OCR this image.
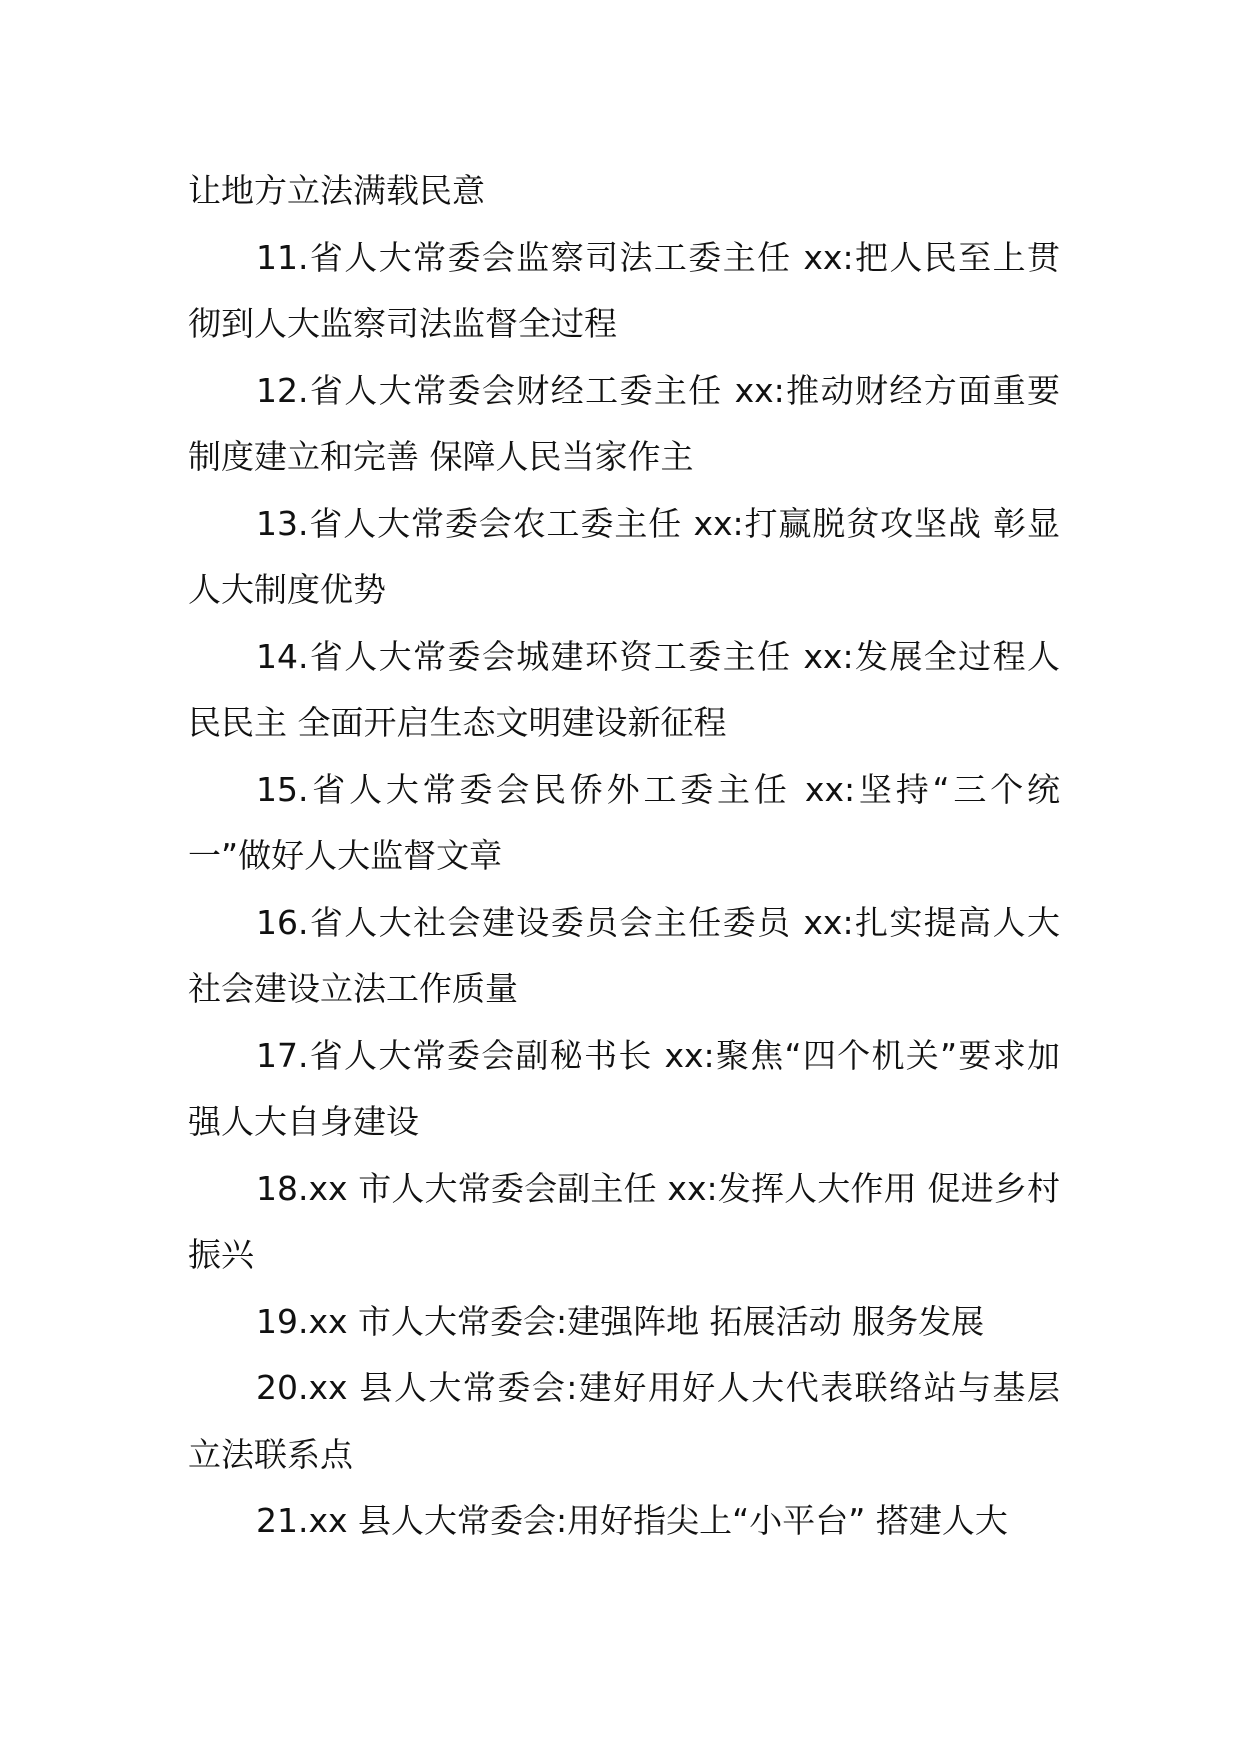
让地方立法满载民意

11.省人大常委会监察司法工委主任 xx:把人民至上贯彻到人大监察司法监督全过程

12.省人大常委会财经工委主任 xx:推动财经方面重要制度建立和完善 保障人民当家作主

13.省人大常委会农工委主任 xx:打赢脱贫攻坚战 彰显人大制度优势

14.省人大常委会城建环资工委主任 xx:发展全过程人民民主 全面开启生态文明建设新征程

15.省人大常委会民侨外工委主任 xx:坚持“三个统一”做好人大监督文章

16.省人大社会建设委员会主任委员 xx:扎实提高人大社会建设立法工作质量

17.省人大常委会副秘书长 xx:聚焦“四个机关”要求加强人大自身建设

18.xx 市人大常委会副主任 xx:发挥人大作用 促进乡村振兴

19.xx 市人大常委会:建强阵地 拓展活动 服务发展

20.xx 县人大常委会:建好用好人大代表联络站与基层立法联系点

21.xx 县人大常委会:用好指尖上“小平台” 搭建人大
